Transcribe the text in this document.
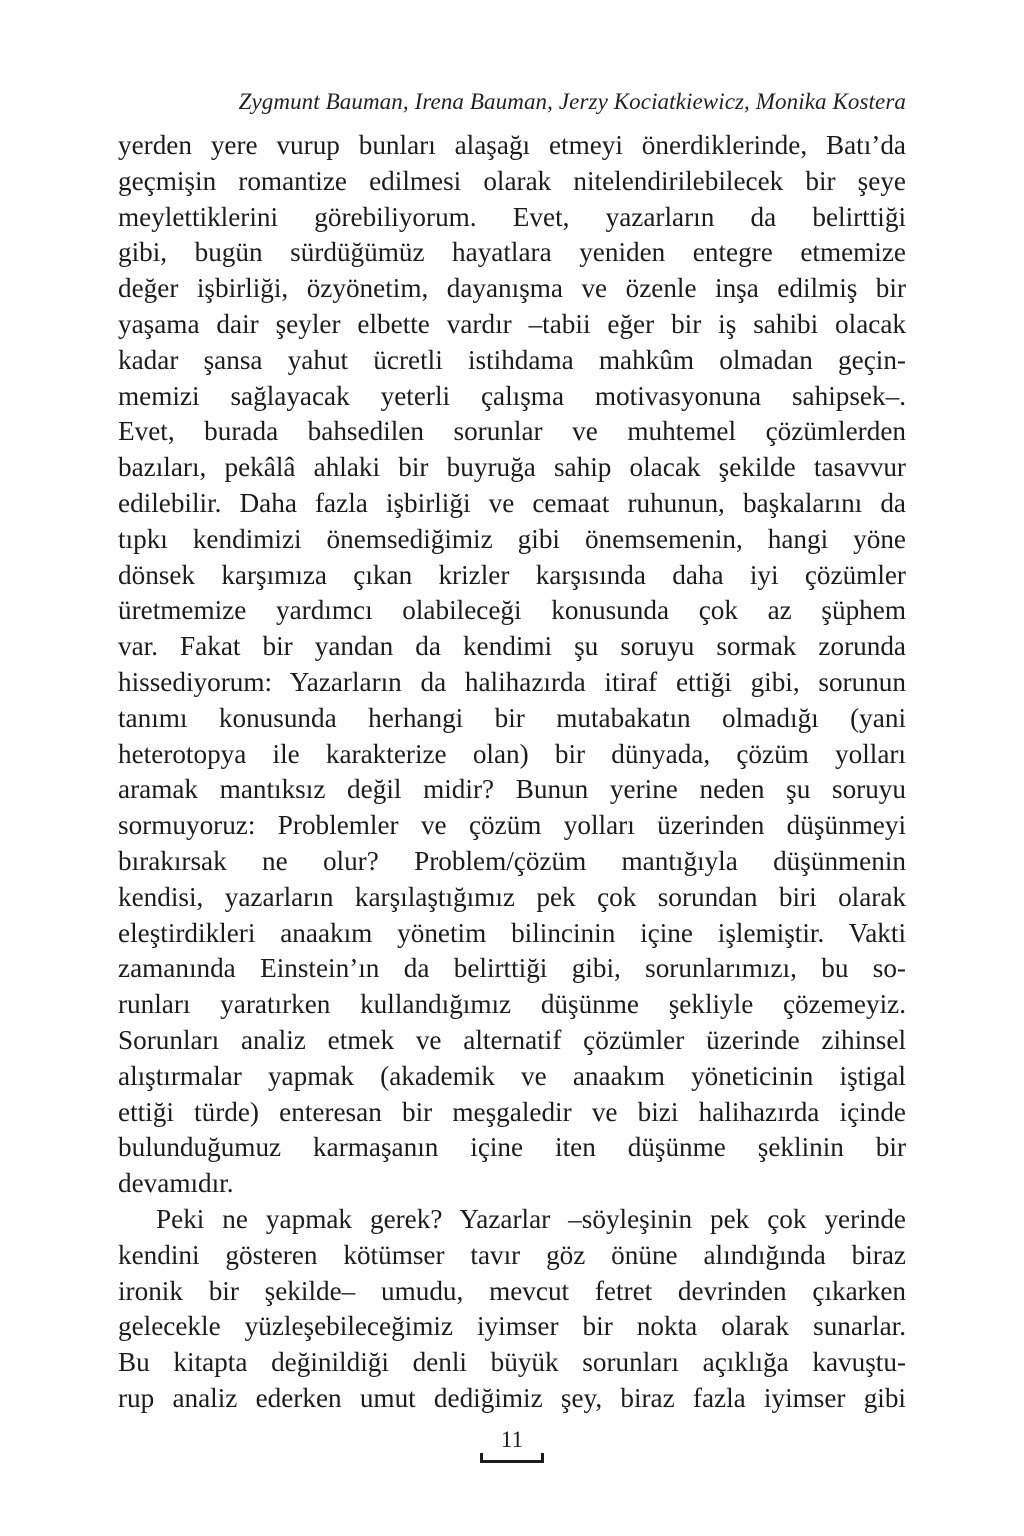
Zygmunt Bauman, Irena Bauman, Jerzy Kociatkiewicz, Monika Kostera
yerden yere vurup bunları alaşağı etmeyi önerdiklerinde, Batı’da
geçmişin romantize edilmesi olarak nitelendirilebilecek bir şeye
meylettiklerini görebiliyorum. Evet, yazarların da belirttiği
gibi, bugün sürdüğümüz hayatlara yeniden entegre etmemize
değer işbirliği, özyönetim, dayanışma ve özenle inşa edilmiş bir
yaşama dair şeyler elbette vardır –tabii eğer bir iş sahibi olacak
kadar şansa yahut ücretli istihdama mahkûm olmadan geçin-
memizi sağlayacak yeterli çalışma motivasyonuna sahipsek–.
Evet, burada bahsedilen sorunlar ve muhtemel çözümlerden
bazıları, pekâlâ ahlaki bir buyruğa sahip olacak şekilde tasavvur
edilebilir. Daha fazla işbirliği ve cemaat ruhunun, başkalarını da
tıpkı kendimizi önemsediğimiz gibi önemsemenin, hangi yöne
dönsek karşımıza çıkan krizler karşısında daha iyi çözümler
üretmemize yardımcı olabileceği konusunda çok az şüphem
var. Fakat bir yandan da kendimi şu soruyu sormak zorunda
hissediyorum: Yazarların da halihazırda itiraf ettiği gibi, sorunun
tanımı konusunda herhangi bir mutabakatın olmadığı (yani
heterotopya ile karakterize olan) bir dünyada, çözüm yolları
aramak mantıksız değil midir? Bunun yerine neden şu soruyu
sormuyoruz: Problemler ve çözüm yolları üzerinden düşünmeyi
bırakırsak ne olur? Problem/çözüm mantığıyla düşünmenin
kendisi, yazarların karşılaştığımız pek çok sorundan biri olarak
eleştirdikleri anaakım yönetim bilincinin içine işlemiştir. Vakti
zamanında Einstein’ın da belirttiği gibi, sorunlarımızı, bu so-
runları yaratırken kullandığımız düşünme şekliyle çözemeyiz.
Sorunları analiz etmek ve alternatif çözümler üzerinde zihinsel
alıştırmalar yapmak (akademik ve anaakım yöneticinin iştigal
ettiği türde) enteresan bir meşgaledir ve bizi halihazırda içinde
bulunduğumuz karmaşanın içine iten düşünme şeklinin bir
devamıdır.
Peki ne yapmak gerek? Yazarlar –söyleşinin pek çok yerinde
kendini gösteren kötümser tavır göz önüne alındığında biraz
ironik bir şekilde– umudu, mevcut fetret devrinden çıkarken
gelecekle yüzleşebileceğimiz iyimser bir nokta olarak sunarlar.
Bu kitapta değinildiği denli büyük sorunları açıklığa kavuştu-
rup analiz ederken umut dediğimiz şey, biraz fazla iyimser gibi
11
